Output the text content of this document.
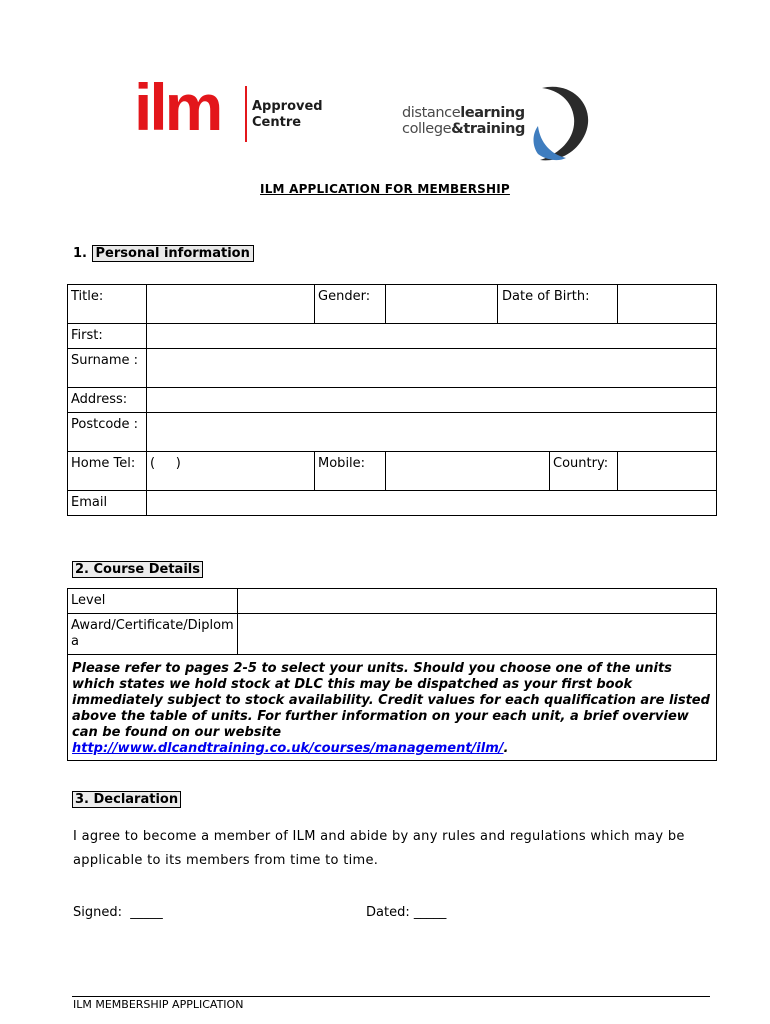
ilm Approved
Centre
distancelearning
college&training
ILM APPLICATION FOR MEMBERSHIP
1. Personal information
Title:		Gender:		Date of Birth:		
First:						
Surname :						
Address:						
Postcode :						
Home Tel:	(     )	Mobile:			Country:	
Email						
2. Course Details
Level	
Award/Certificate/Diploma	
Please refer to pages 2-5 to select your units. Should you choose one of the units which states we hold stock at DLC this may be dispatched as your first book immediately subject to stock availability. Credit values for each qualification are listed above the table of units. For further information on your each unit, a brief overview can be found on our website http://www.dlcandtraining.co.uk/courses/management/ilm/.	
3. Declaration
I agree to become a member of ILM and abide by any rules and regulations which may be applicable to its members from time to time.
Signed:  _____	Dated: _____
ILM MEMBERSHIP APPLICATION
